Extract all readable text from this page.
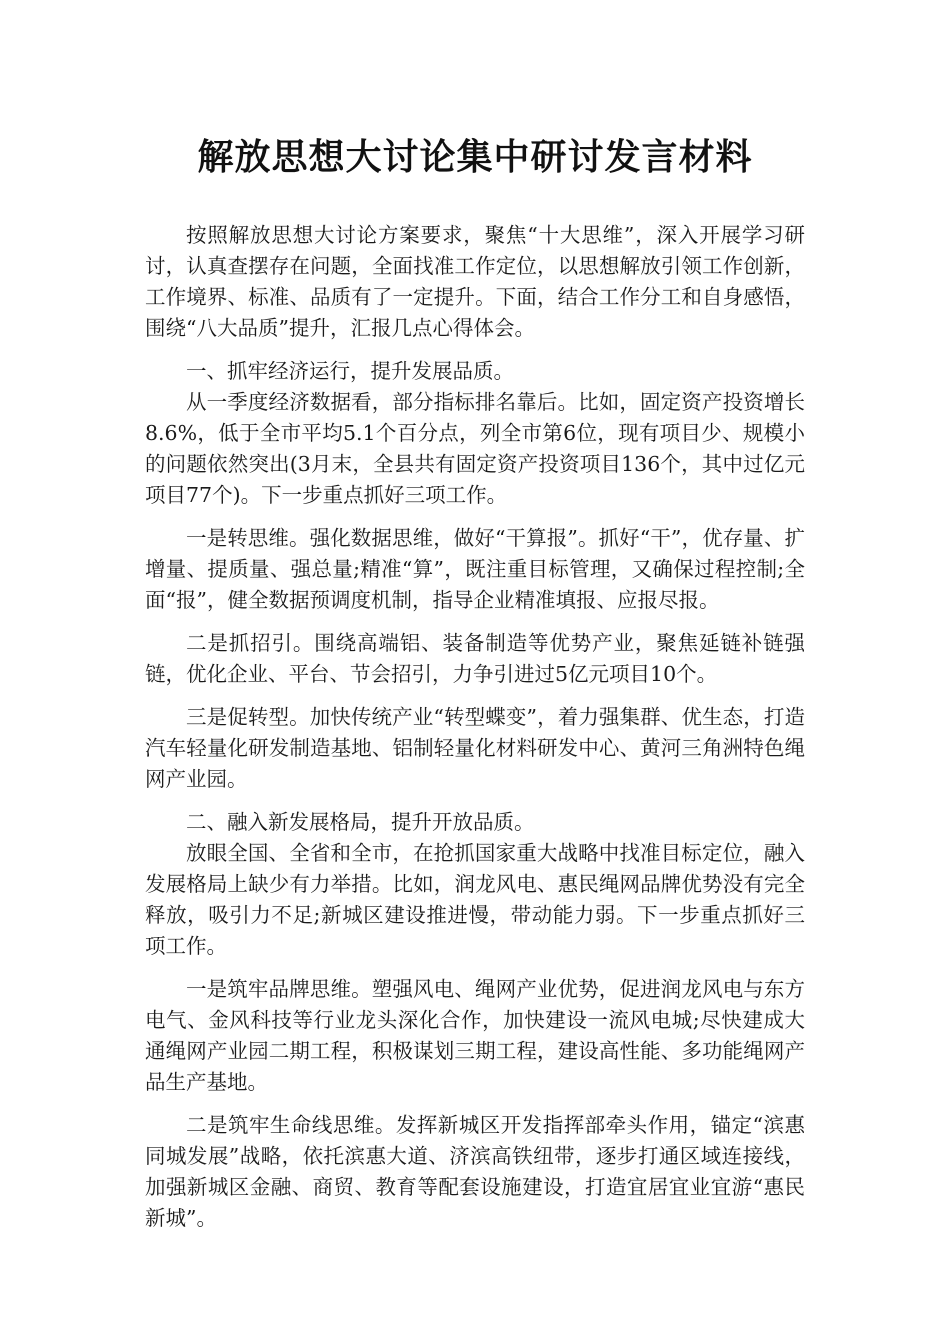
解放思想大讨论集中研讨发言材料

按照解放思想大讨论方案要求，聚焦“十大思维”，深入开展学习研讨，认真查摆存在问题，全面找准工作定位，以思想解放引领工作创新，工作境界、标准、品质有了一定提升。下面，结合工作分工和自身感悟，围绕“八大品质”提升，汇报几点心得体会。

一、抓牢经济运行，提升发展品质。

从一季度经济数据看，部分指标排名靠后。比如，固定资产投资增长8.6%，低于全市平均5.1个百分点，列全市第6位，现有项目少、规模小的问题依然突出(3月末，全县共有固定资产投资项目136个，其中过亿元项目77个)。下一步重点抓好三项工作。

一是转思维。强化数据思维，做好“干算报”。抓好“干”，优存量、扩增量、提质量、强总量;精准“算”，既注重目标管理，又确保过程控制;全面“报”，健全数据预调度机制，指导企业精准填报、应报尽报。

二是抓招引。围绕高端铝、装备制造等优势产业，聚焦延链补链强链，优化企业、平台、节会招引，力争引进过5亿元项目10个。

三是促转型。加快传统产业“转型蝶变”，着力强集群、优生态，打造汽车轻量化研发制造基地、铝制轻量化材料研发中心、黄河三角洲特色绳网产业园。

二、融入新发展格局，提升开放品质。

放眼全国、全省和全市，在抢抓国家重大战略中找准目标定位，融入发展格局上缺少有力举措。比如，润龙风电、惠民绳网品牌优势没有完全释放，吸引力不足;新城区建设推进慢，带动能力弱。下一步重点抓好三项工作。

一是筑牢品牌思维。塑强风电、绳网产业优势，促进润龙风电与东方电气、金风科技等行业龙头深化合作，加快建设一流风电城;尽快建成大通绳网产业园二期工程，积极谋划三期工程，建设高性能、多功能绳网产品生产基地。

二是筑牢生命线思维。发挥新城区开发指挥部牵头作用，锚定“滨惠同城发展”战略，依托滨惠大道、济滨高铁纽带，逐步打通区域连接线，加强新城区金融、商贸、教育等配套设施建设，打造宜居宜业宜游“惠民新城”。
